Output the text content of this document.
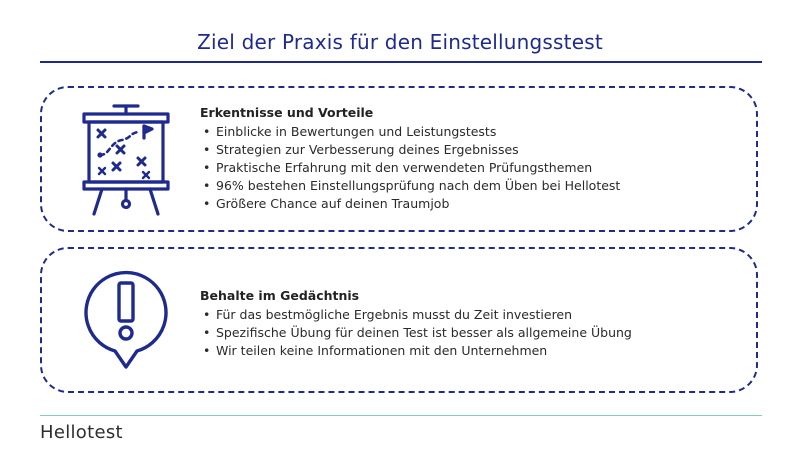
Ziel der Praxis für den Einstellungsstest
Erkentnisse und Vorteile
• Einblicke in Bewertungen und Leistungstests
• Strategien zur Verbesserung deines Ergebnisses
• Praktische Erfahrung mit den verwendeten Prüfungsthemen
• 96% bestehen Einstellungsprüfung nach dem Üben bei Hellotest
• Größere Chance auf deinen Traumjob
Behalte im Gedächtnis
• Für das bestmögliche Ergebnis musst du Zeit investieren
• Spezifische Übung für deinen Test ist besser als allgemeine Übung
• Wir teilen keine Informationen mit den Unternehmen
Hellotest
